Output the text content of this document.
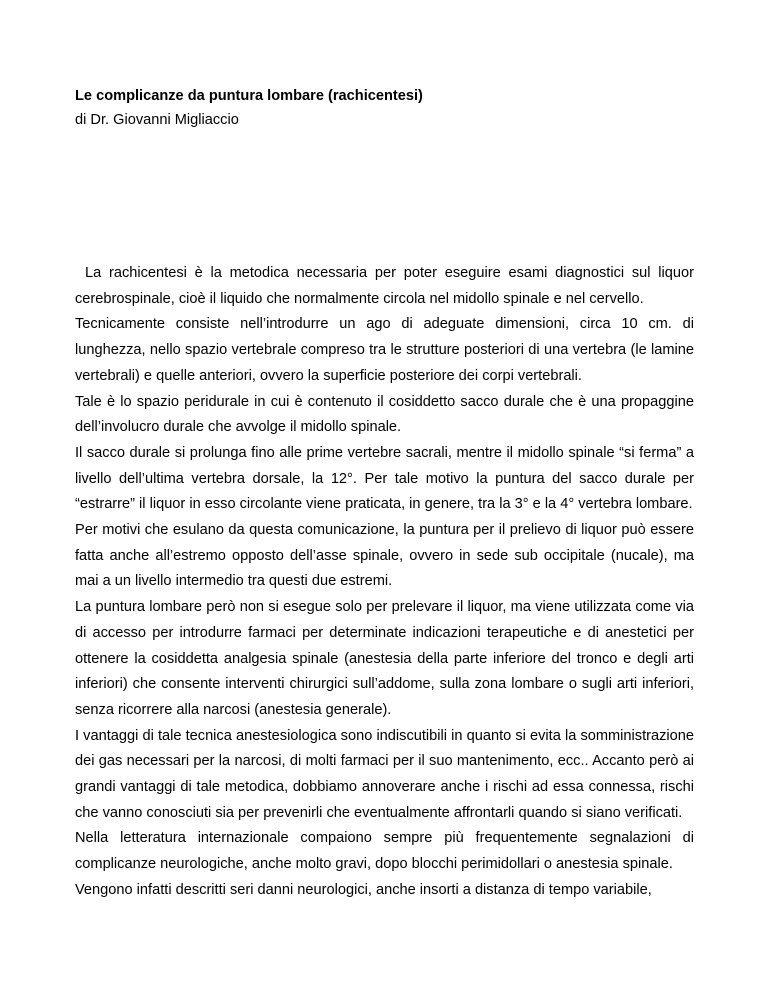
Le complicanze da puntura lombare (rachicentesi)

di Dr. Giovanni Migliaccio

La rachicentesi è la metodica necessaria per poter eseguire esami diagnostici sul liquor cerebrospinale, cioè il liquido che normalmente circola nel midollo spinale e nel cervello.

Tecnicamente consiste nell’introdurre un ago di adeguate dimensioni, circa 10 cm. di lunghezza, nello spazio vertebrale compreso tra le strutture posteriori di una vertebra (le lamine vertebrali) e quelle anteriori, ovvero la superficie posteriore dei corpi vertebrali.

Tale è lo spazio peridurale in cui è contenuto il cosiddetto sacco durale che è una propaggine dell’involucro durale che avvolge il midollo spinale.

Il sacco durale si prolunga fino alle prime vertebre sacrali, mentre il midollo spinale “si ferma” a livello dell’ultima vertebra dorsale, la 12°. Per tale motivo la puntura del sacco durale per “estrarre” il liquor in esso circolante viene praticata, in genere, tra la 3° e la 4° vertebra lombare.

Per motivi che esulano da questa comunicazione, la puntura per il prelievo di liquor può essere fatta anche all’estremo opposto dell’asse spinale, ovvero in sede sub occipitale (nucale), ma mai a un livello intermedio tra questi due estremi.

La puntura lombare però non si esegue solo per prelevare il liquor, ma viene utilizzata come via di accesso per introdurre farmaci per determinate indicazioni terapeutiche e di anestetici per ottenere la cosiddetta analgesia spinale (anestesia della parte inferiore del tronco e degli arti inferiori) che consente interventi chirurgici sull’addome, sulla zona lombare o sugli arti inferiori, senza ricorrere alla narcosi (anestesia generale).

I vantaggi di tale tecnica anestesiologica sono indiscutibili in quanto si evita la somministrazione dei gas necessari per la narcosi, di molti farmaci per il suo mantenimento, ecc.. Accanto però ai grandi vantaggi di tale metodica, dobbiamo annoverare anche i rischi ad essa connessa, rischi che vanno conosciuti sia per prevenirli che eventualmente affrontarli quando si siano verificati.

Nella letteratura internazionale compaiono sempre più frequentemente segnalazioni di complicanze neurologiche, anche molto gravi, dopo blocchi perimidollari o anestesia spinale.

Vengono infatti descritti seri danni neurologici, anche insorti a distanza di tempo variabile,
